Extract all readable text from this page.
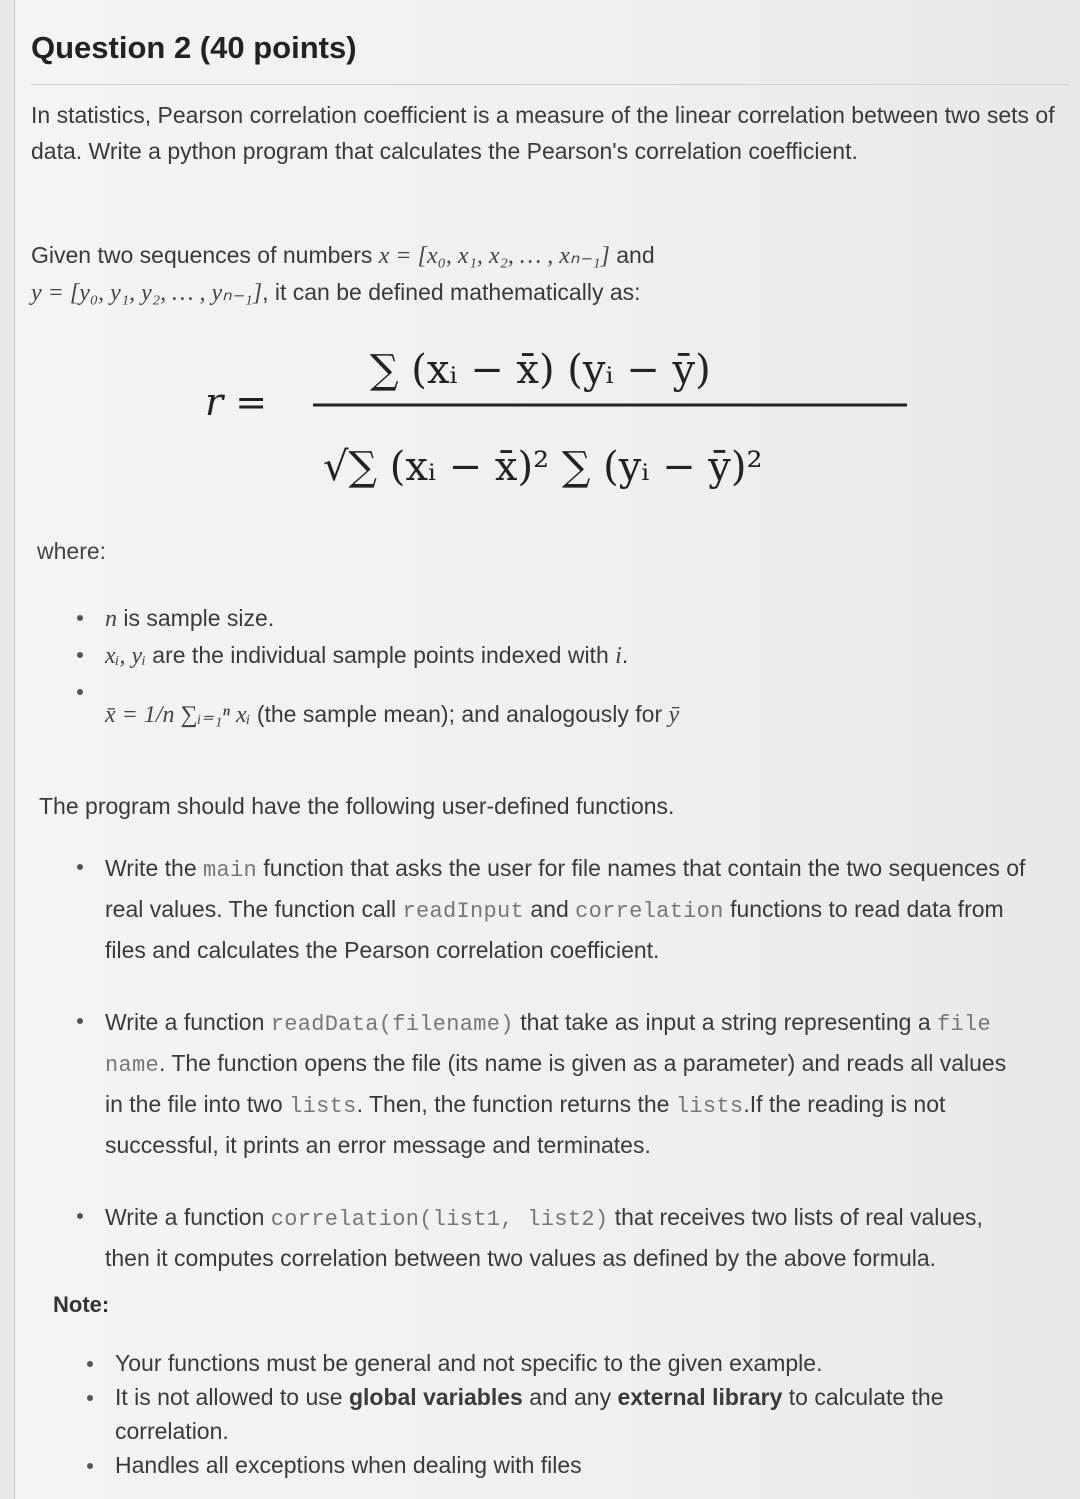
Question 2 (40 points)
In statistics, Pearson correlation coefficient is a measure of the linear correlation between two sets of data. Write a python program that calculates the Pearson's correlation coefficient.
Given two sequences of numbers x = [x₀, x₁, x₂, … , xₙ₋₁] and
y = [y₀, y₁, y₂, … , yₙ₋₁], it can be defined mathematically as:
r =
∑ (xᵢ − x̄) (yᵢ − ȳ)
√∑ (xᵢ − x̄)² ∑ (yᵢ − ȳ)²
where:
n is sample size.
xᵢ, yᵢ are the individual sample points indexed with i.
x̄ = 1/n ∑ᵢ₌₁ⁿ xᵢ (the sample mean); and analogously for ȳ
The program should have the following user-defined functions.
Write the main function that asks the user for file names that contain the two sequences of real values. The function call readInput and correlation functions to read data from files and calculates the Pearson correlation coefficient.
Write a function readData(filename) that take as input a string representing a file name. The function opens the file (its name is given as a parameter) and reads all values in the file into two lists. Then, the function returns the lists.If the reading is not successful, it prints an error message and terminates.
Write a function correlation(list1, list2) that receives two lists of real values, then it computes correlation between two values as defined by the above formula.
Note:
Your functions must be general and not specific to the given example.
It is not allowed to use global variables and any external library to calculate the correlation.
Handles all exceptions when dealing with files
